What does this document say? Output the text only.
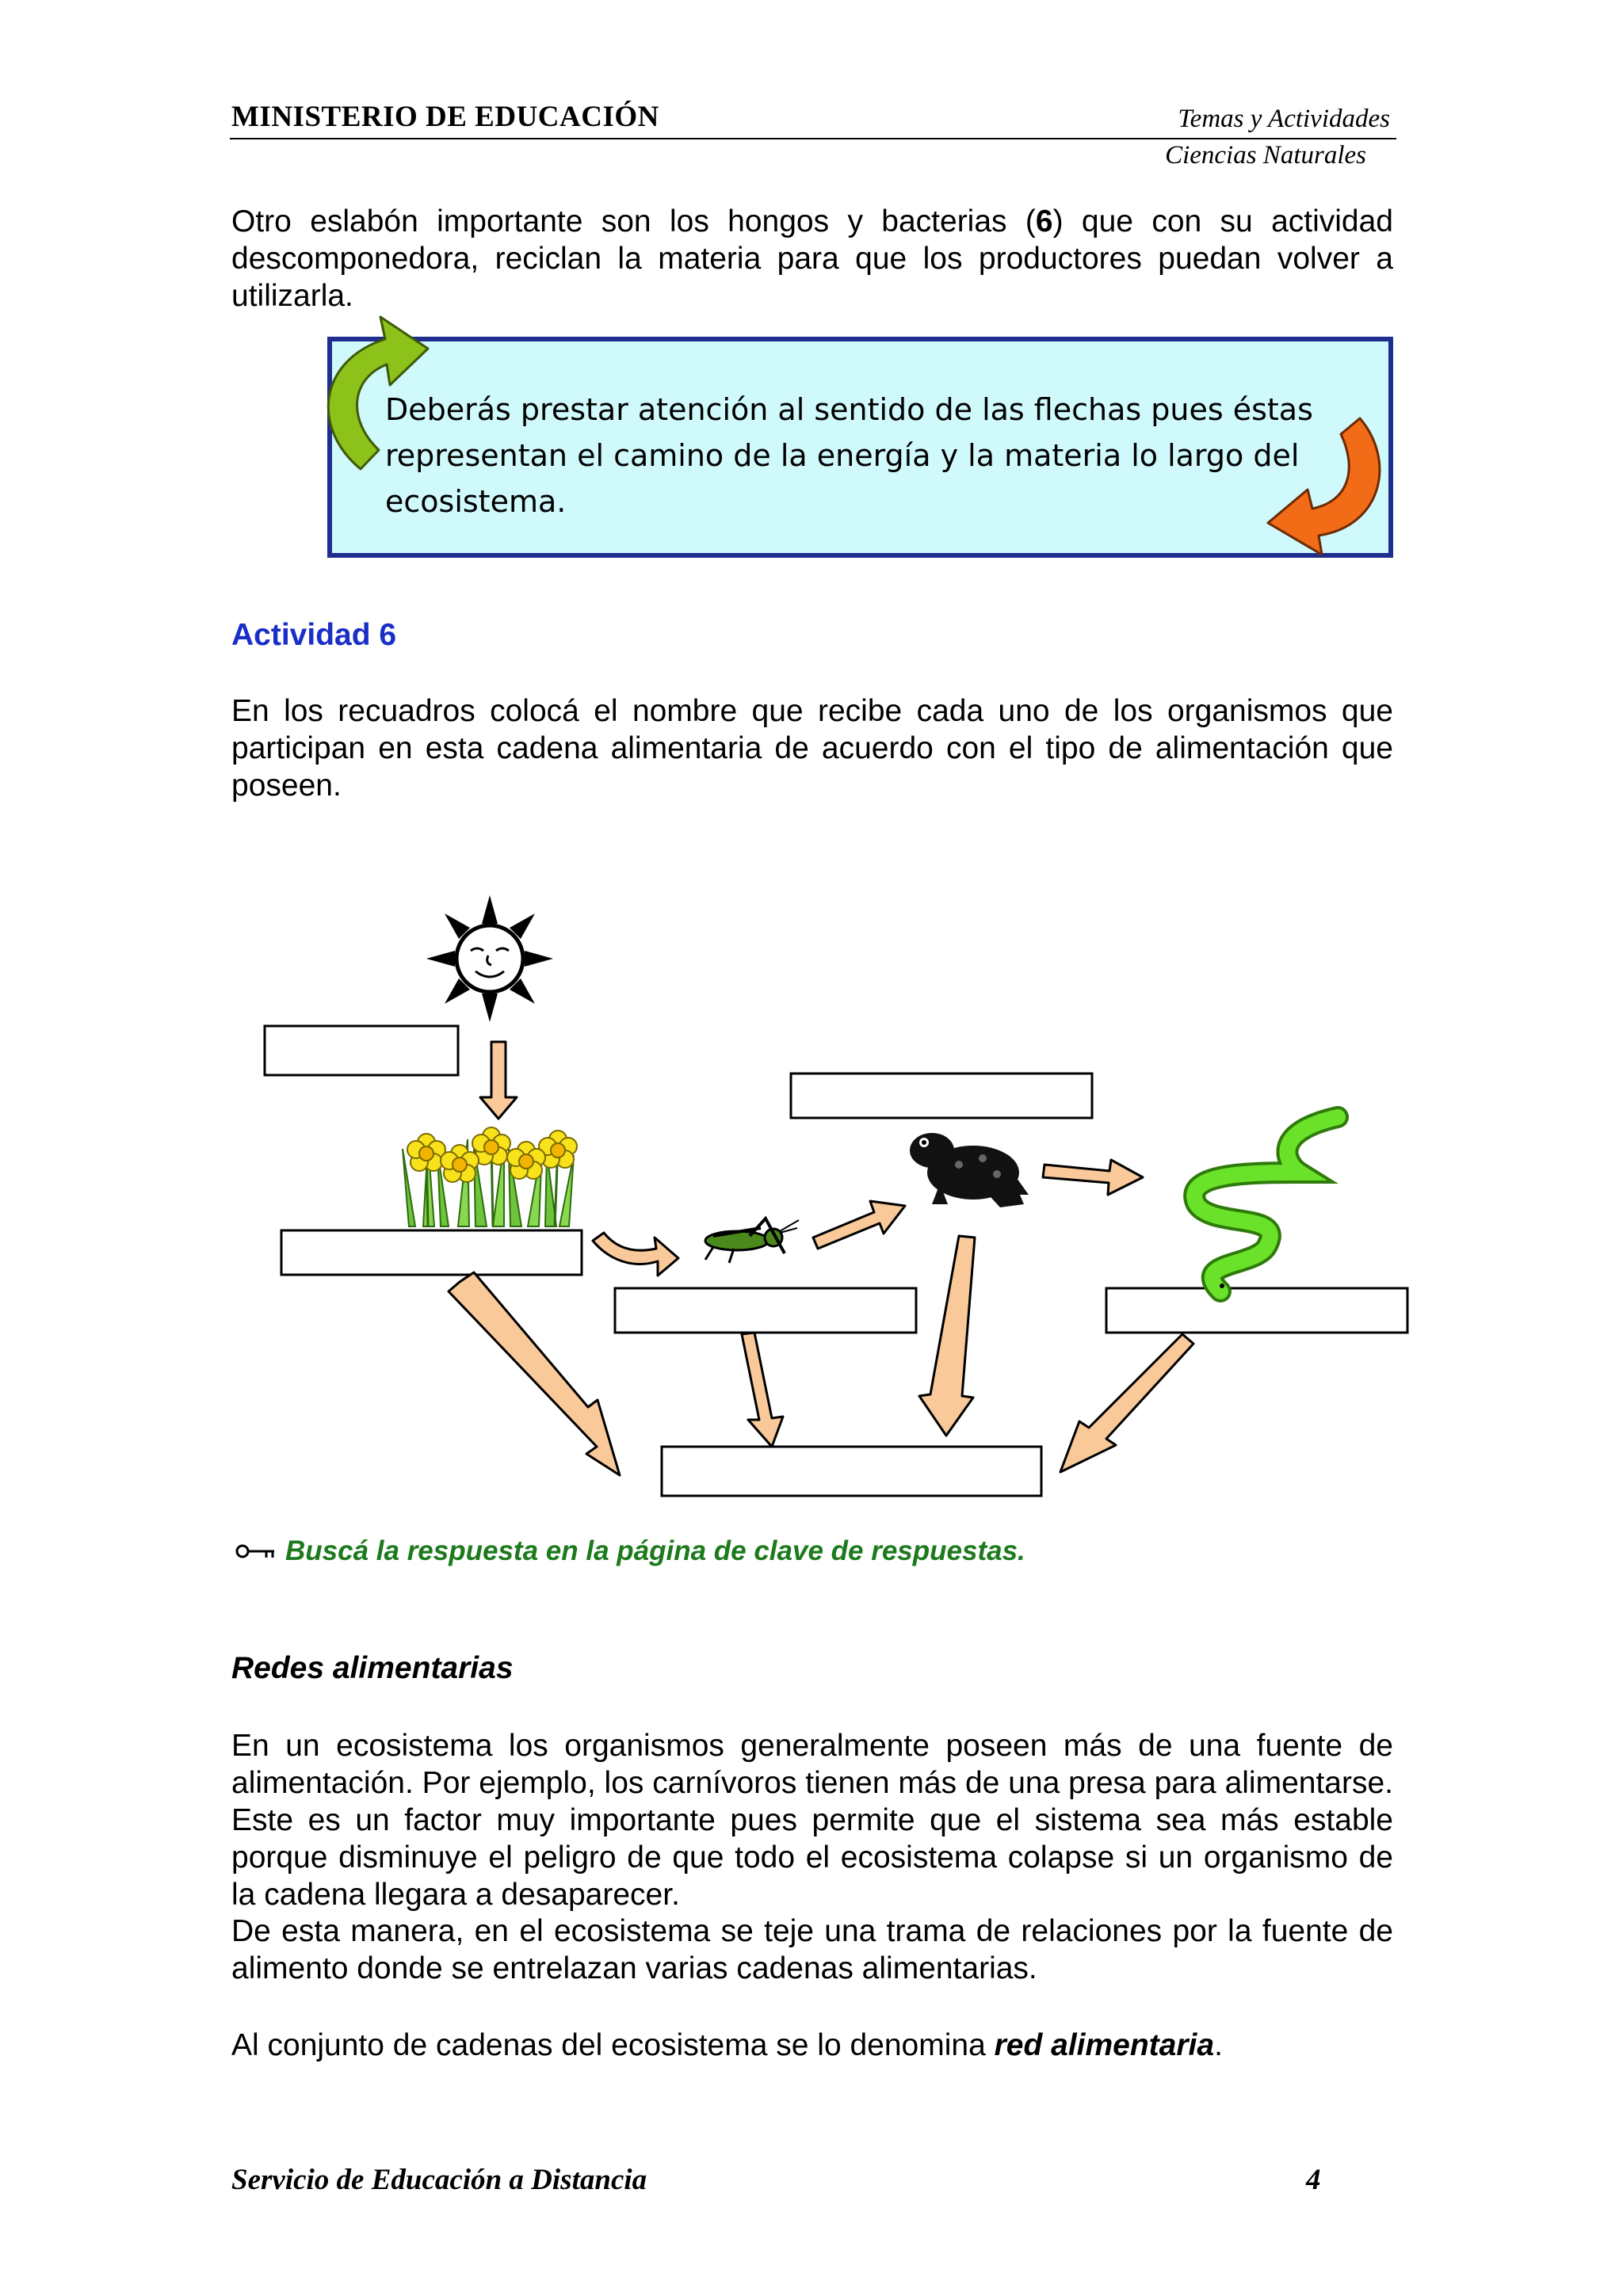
MINISTERIO DE EDUCACIÓN	Temas y Actividades
Ciencias Naturales
Otro eslabón importante son los hongos y bacterias (6) que con su actividad descomponedora, reciclan la materia para que los productores puedan volver a utilizarla.
Deberás prestar atención al sentido de las flechas pues éstas representan el camino de la energía y la materia lo largo del ecosistema.
Actividad 6
En los recuadros colocá el nombre que recibe cada uno de los organismos que participan en esta cadena alimentaria de acuerdo con el tipo de alimentación que poseen.
Buscá la respuesta en la página de clave de respuestas.
Redes alimentarias
En un ecosistema los organismos generalmente poseen más de una fuente de alimentación. Por ejemplo, los carnívoros tienen más de una presa para alimentarse. Este es un factor muy importante pues permite que el sistema sea más estable porque disminuye el peligro de que todo el ecosistema colapse si un organismo de la cadena llegara a desaparecer.
De esta manera, en el ecosistema se teje una trama de relaciones por la fuente de alimento donde se entrelazan varias cadenas alimentarias.
Al conjunto de cadenas del ecosistema se lo denomina red alimentaria.
Servicio de Educación a Distancia	4
